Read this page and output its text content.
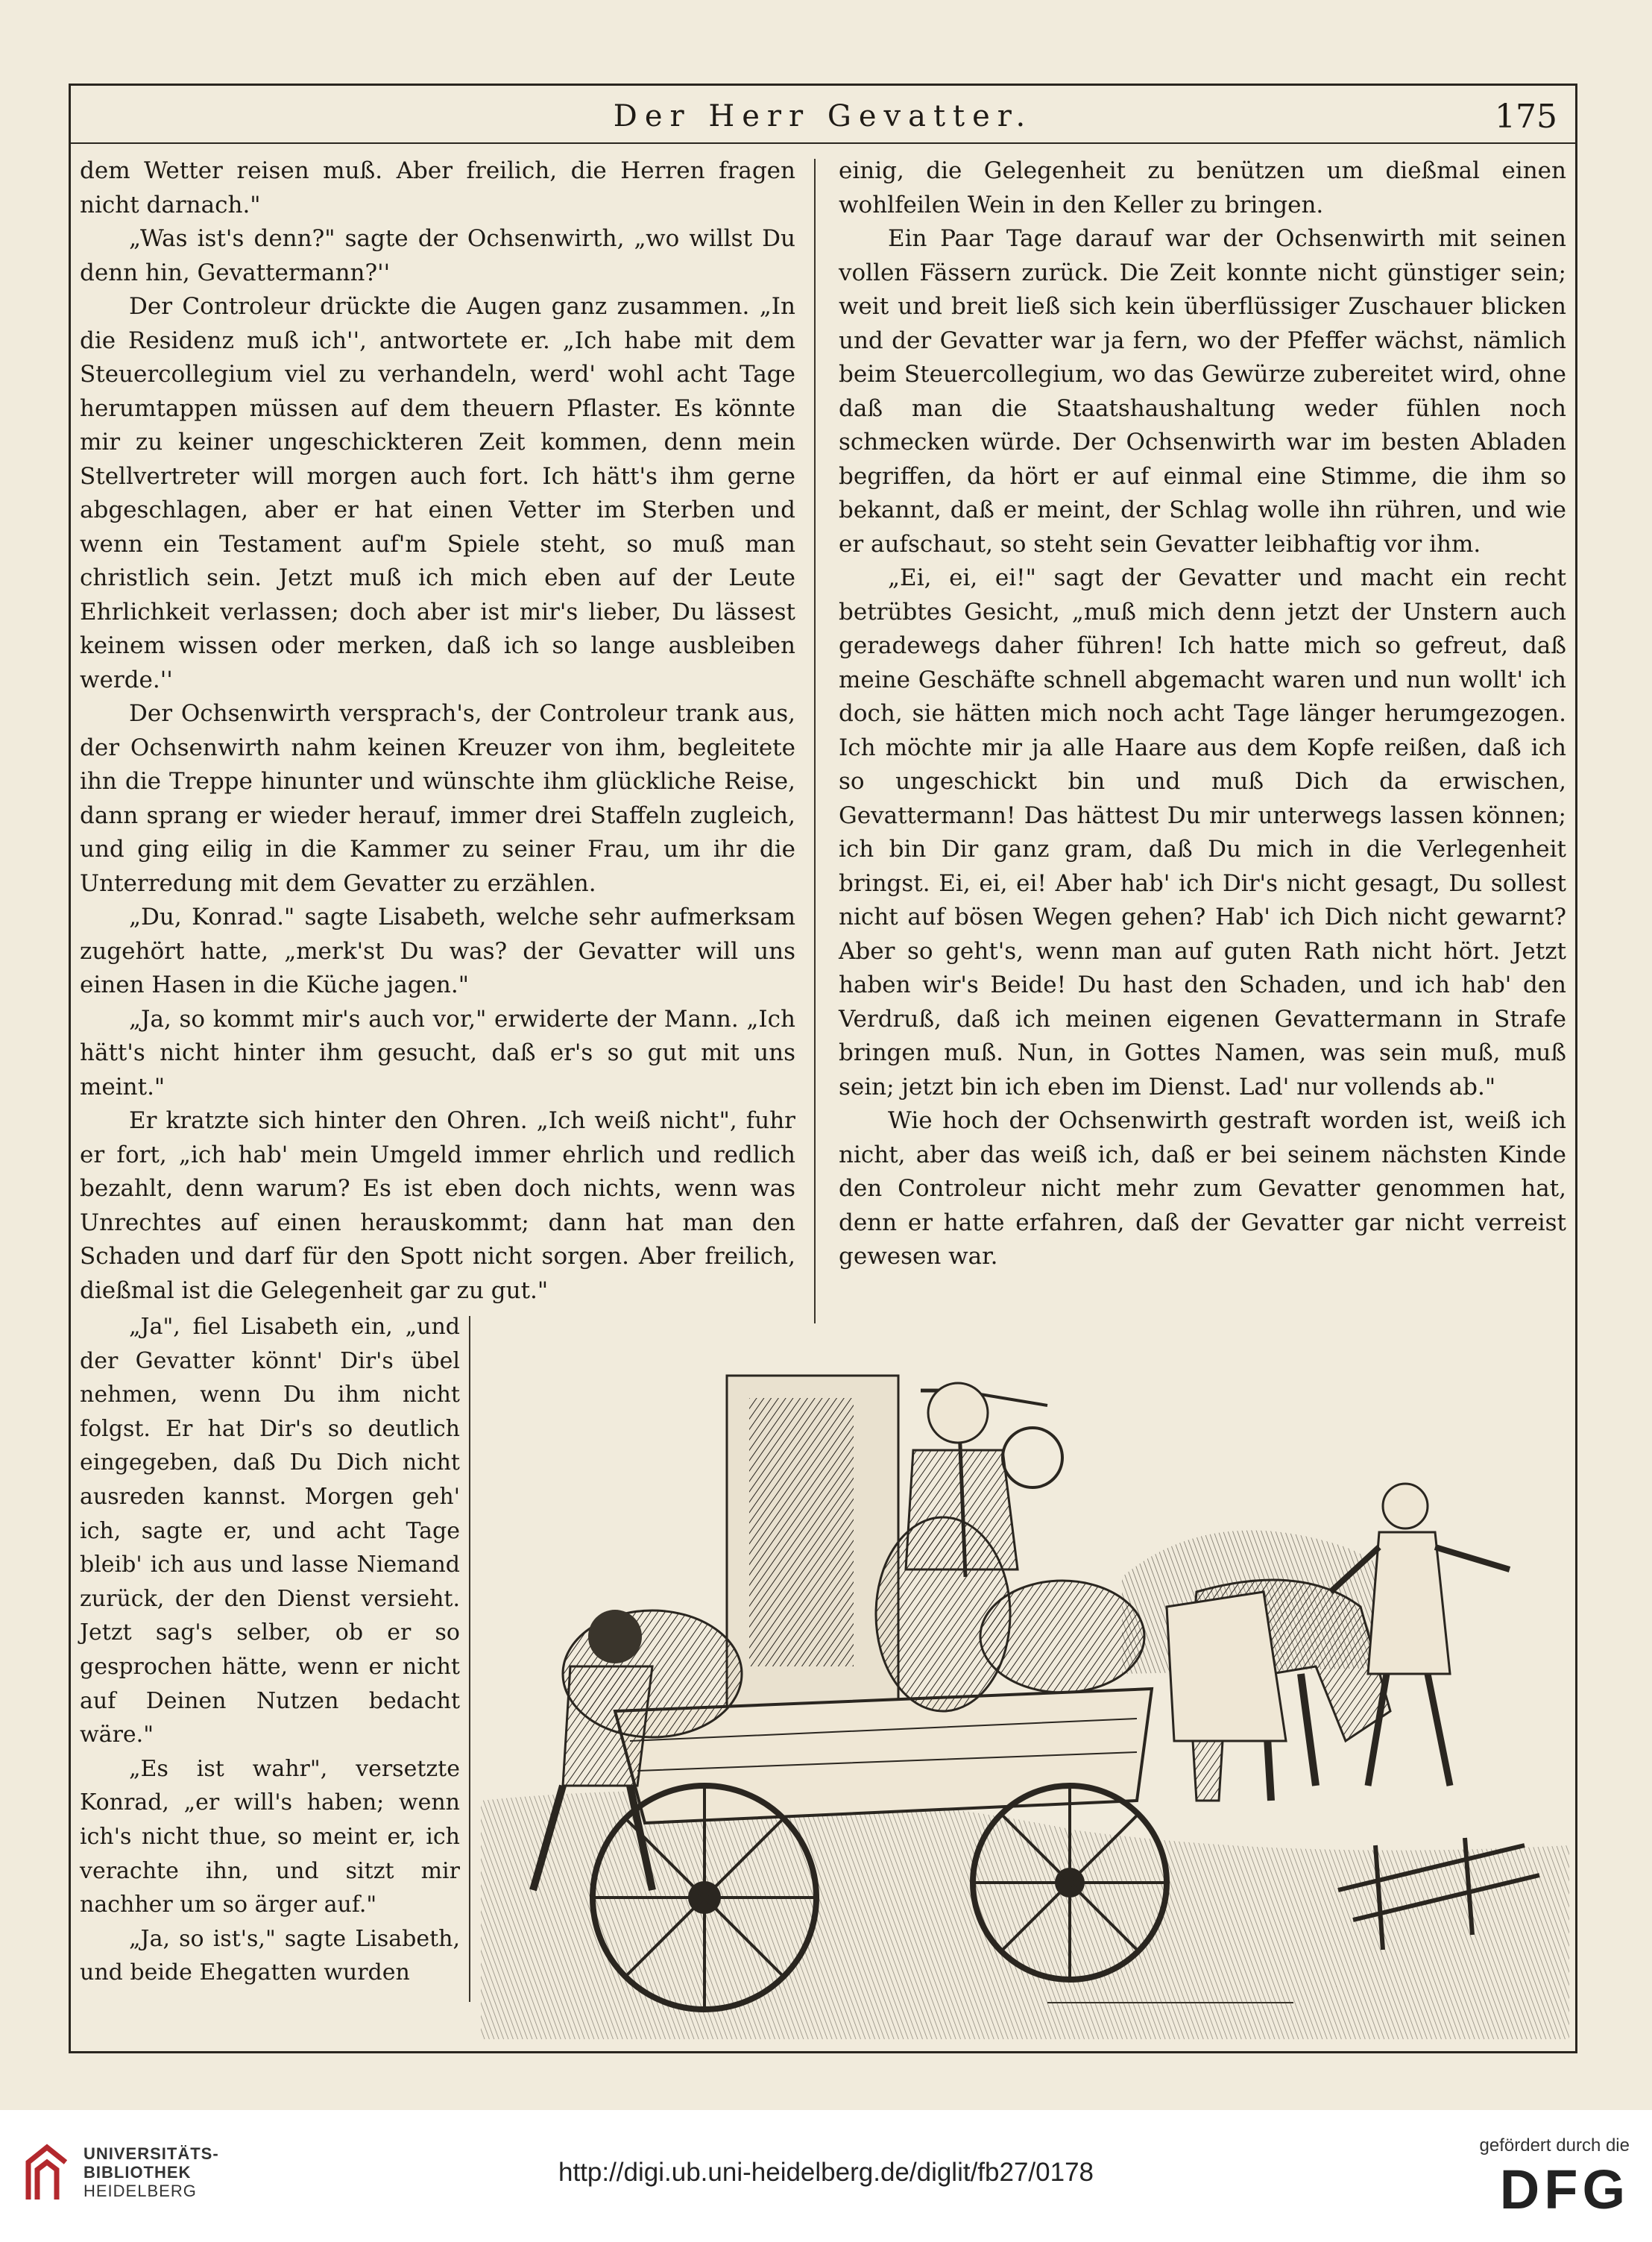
Der Herr Gevatter.	175

dem Wetter reisen muß. Aber freilich, die Herren fragen nicht darnach."

„Was ist's denn?" sagte der Ochsenwirth, „wo willst Du denn hin, Gevattermann?''

Der Controleur drückte die Augen ganz zusammen. „In die Residenz muß ich'', antwortete er. „Ich habe mit dem Steuercollegium viel zu verhandeln, werd' wohl acht Tage herumtappen müssen auf dem theuern Pflaster. Es könnte mir zu keiner ungeschickteren Zeit kommen, denn mein Stellvertreter will morgen auch fort. Ich hätt's ihm gerne abgeschlagen, aber er hat einen Vetter im Sterben und wenn ein Testament auf'm Spiele steht, so muß man christlich sein. Jetzt muß ich mich eben auf der Leute Ehrlichkeit verlassen; doch aber ist mir's lieber, Du lässest keinem wissen oder merken, daß ich so lange ausbleiben werde.''

Der Ochsenwirth versprach's, der Controleur trank aus, der Ochsenwirth nahm keinen Kreuzer von ihm, begleitete ihn die Treppe hinunter und wünschte ihm glückliche Reise, dann sprang er wieder herauf, immer drei Staffeln zugleich, und ging eilig in die Kammer zu seiner Frau, um ihr die Unterredung mit dem Gevatter zu erzählen.

„Du, Konrad." sagte Lisabeth, welche sehr aufmerksam zugehört hatte, „merk'st Du was? der Gevatter will uns einen Hasen in die Küche jagen."

„Ja, so kommt mir's auch vor," erwiderte der Mann. „Ich hätt's nicht hinter ihm gesucht, daß er's so gut mit uns meint."

Er kratzte sich hinter den Ohren. „Ich weiß nicht", fuhr er fort, „ich hab' mein Umgeld immer ehrlich und redlich bezahlt, denn warum? Es ist eben doch nichts, wenn was Unrechtes auf einen herauskommt; dann hat man den Schaden und darf für den Spott nicht sorgen. Aber freilich, dießmal ist die Gelegenheit gar zu gut."

einig, die Gelegenheit zu benützen um dießmal einen wohlfeilen Wein in den Keller zu bringen.

Ein Paar Tage darauf war der Ochsenwirth mit seinen vollen Fässern zurück. Die Zeit konnte nicht günstiger sein; weit und breit ließ sich kein überflüssiger Zuschauer blicken und der Gevatter war ja fern, wo der Pfeffer wächst, nämlich beim Steuercollegium, wo das Gewürze zubereitet wird, ohne daß man die Staatshaushaltung weder fühlen noch schmecken würde. Der Ochsenwirth war im besten Abladen begriffen, da hört er auf einmal eine Stimme, die ihm so bekannt, daß er meint, der Schlag wolle ihn rühren, und wie er aufschaut, so steht sein Gevatter leibhaftig vor ihm.

„Ei, ei, ei!" sagt der Gevatter und macht ein recht betrübtes Gesicht, „muß mich denn jetzt der Unstern auch geradewegs daher führen! Ich hatte mich so gefreut, daß meine Geschäfte schnell abgemacht waren und nun wollt' ich doch, sie hätten mich noch acht Tage länger herumgezogen. Ich möchte mir ja alle Haare aus dem Kopfe reißen, daß ich so ungeschickt bin und muß Dich da erwischen, Gevattermann! Das hättest Du mir unterwegs lassen können; ich bin Dir ganz gram, daß Du mich in die Verlegenheit bringst. Ei, ei, ei! Aber hab' ich Dir's nicht gesagt, Du sollest nicht auf bösen Wegen gehen? Hab' ich Dich nicht gewarnt? Aber so geht's, wenn man auf guten Rath nicht hört. Jetzt haben wir's Beide! Du hast den Schaden, und ich hab' den Verdruß, daß ich meinen eigenen Gevattermann in Strafe bringen muß. Nun, in Gottes Namen, was sein muß, muß sein; jetzt bin ich eben im Dienst. Lad' nur vollends ab."

Wie hoch der Ochsenwirth gestraft worden ist, weiß ich nicht, aber das weiß ich, daß er bei seinem nächsten Kinde den Controleur nicht mehr zum Gevatter genommen hat, denn er hatte erfahren, daß der Gevatter gar nicht verreist gewesen war.

„Ja", fiel Lisabeth ein, „und der Gevatter könnt' Dir's übel nehmen, wenn Du ihm nicht folgst. Er hat Dir's so deutlich eingegeben, daß Du Dich nicht ausreden kannst. Morgen geh' ich, sagte er, und acht Tage bleib' ich aus und lasse Niemand zurück, der den Dienst versieht. Jetzt sag's selber, ob er so gesprochen hätte, wenn er nicht auf Deinen Nutzen bedacht wäre."

„Es ist wahr", versetzte Konrad, „er will's haben; wenn ich's nicht thue, so meint er, ich verachte ihn, und sitzt mir nachher um so ärger auf."

„Ja, so ist's," sagte Lisabeth, und beide Ehegatten wurden

UNIVERSITÄTS-
BIBLIOTHEK
HEIDELBERG
http://digi.ub.uni-heidelberg.de/diglit/fb27/0178
gefördert durch die
DFG
